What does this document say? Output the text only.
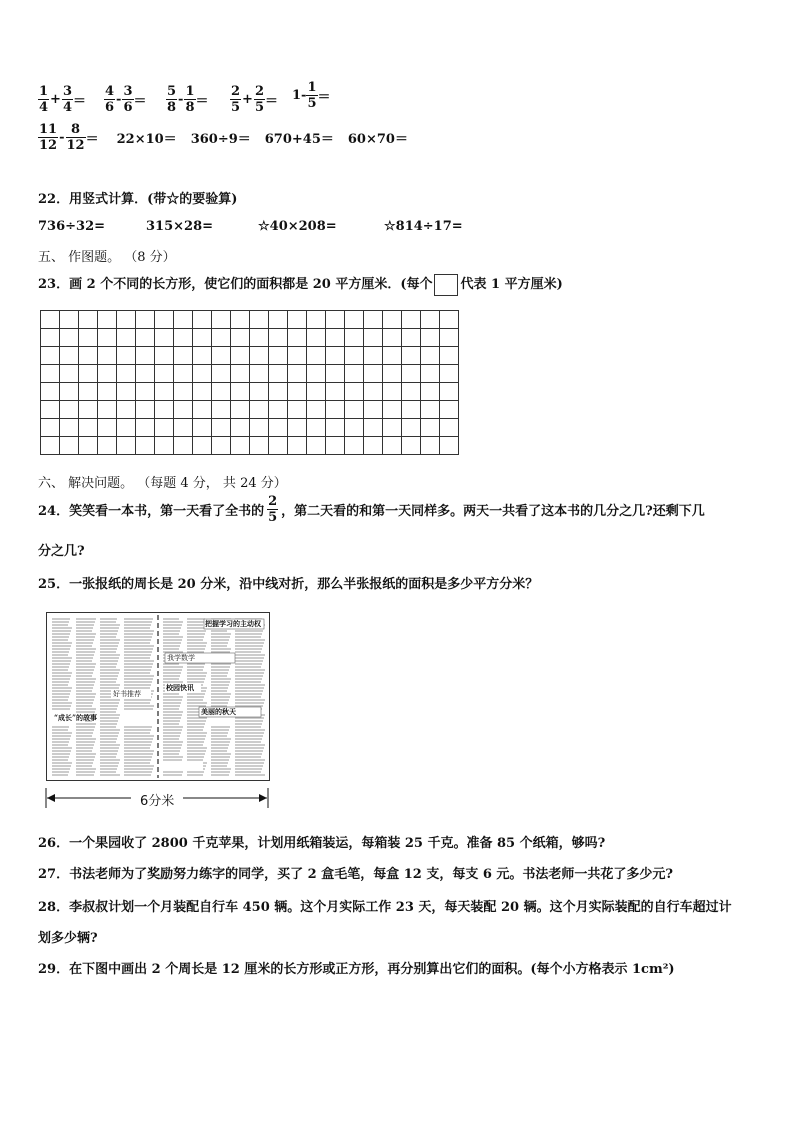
$\frac{1}{4} + \frac{3}{4} = \frac{4}{6} - \frac{3}{6} = \frac{5}{8} - \frac{1}{8} = \frac{2}{5} + \frac{2}{5} = 1- \frac{1}{5}$ ＝
$\frac{11}{12} - \frac{8}{12} = 22\times 10= 360\div 9= 670+45= 60\times 70=$
22．用竖式计算．(带☆的要验算)
736÷32=	315×28=	☆40×208=	☆814÷17=
五、 作图题。 （8 分）
23．画 2 个不同的长方形，使它们的面积都是 20 平方厘米．(每个 代表 1 平方厘米)

六、 解决问题。 （每题 4 分， 共 24 分）
24．笑笑看一本书，第一天看了全书的 $\frac{2}{5}$ ，第二天看的和第一天同样多。两天一共看了这本书的几分之几?还剩下几
分之几?
25．一张报纸的周长是 20 分米，沿中线对折，那么半张报纸的面积是多少平方分米？
把握学习的主动权
我学数学
美丽的秋天
“成长”的故事
好书推荐
校园快讯
6分米
26．一个果园收了 2800 千克苹果，计划用纸箱装运，每箱装 25 千克。准备 85 个纸箱，够吗?
27．书法老师为了奖励努力练字的同学，买了 2 盒毛笔，每盒 12 支，每支 6 元。书法老师一共花了多少元?
28．李叔叔计划一个月装配自行车 450 辆。这个月实际工作 23 天，每天装配 20 辆。这个月实际装配的自行车超过计
划多少辆?
29．在下图中画出 2 个周长是 12 厘米的长方形或正方形，再分别算出它们的面积。(每个小方格表示 1cm²)
